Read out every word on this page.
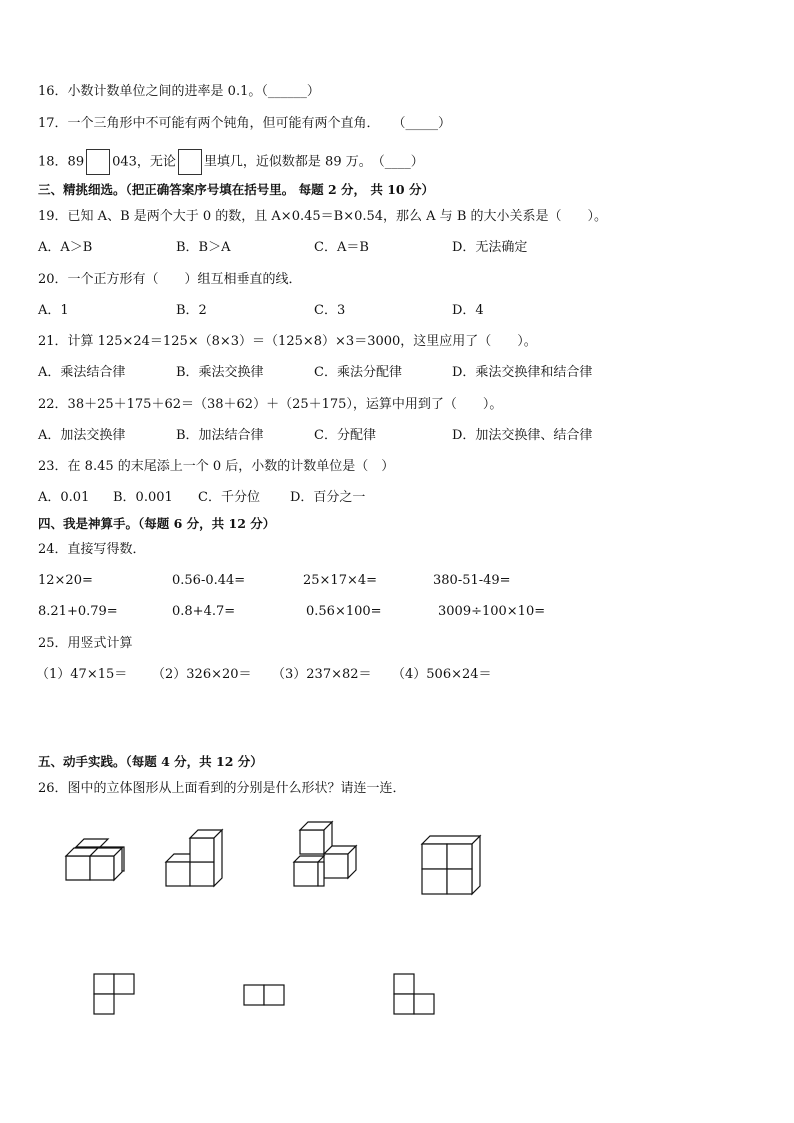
16．小数计数单位之间的进率是 0.1。（______）
17．一个三角形中不可能有两个钝角，但可能有两个直角．　　（_____）
18．89 043，无论 里填几，近似数都是 89 万。　（____）
三、精挑细选。（把正确答案序号填在括号里。 每题 2 分， 共 10 分）
19．已知 A、B 是两个大于 0 的数，且 A×0.45＝B×0.54，那么 A 与 B 的大小关系是（　　）。
A．A＞B	B．B＞A	C．A＝B	D．无法确定
20．一个正方形有（　　）组互相垂直的线．
A．1	B．2	C．3	D．4
21．计算 125×24＝125×（8×3）＝（125×8）×3＝3000，这里应用了（　　）。
A．乘法结合律	B．乘法交换律	C．乘法分配律	D．乘法交换律和结合律
22．38＋25＋175＋62＝（38＋62）＋（25＋175），运算中用到了（　　）。
A．加法交换律	B．加法结合律	C．分配律	D．加法交换律、结合律
23．在 8.45 的末尾添上一个 0 后，小数的计数单位是（　）
A．0.01 B．0.001 C．千分位 D．百分之一
四、我是神算手。（每题 6 分，共 12 分）
24．直接写得数．
12×20=	0.56-0.44=	25×17×4=	380-51-49=
8.21+0.79=	0.8+4.7=	0.56×100=	3009÷100×10=
25．用竖式计算
（1）47×15＝ （2）326×20＝ （3）237×82＝ （4）506×24＝
五、动手实践。（每题 4 分，共 12 分）
26．图中的立体图形从上面看到的分别是什么形状？请连一连．
